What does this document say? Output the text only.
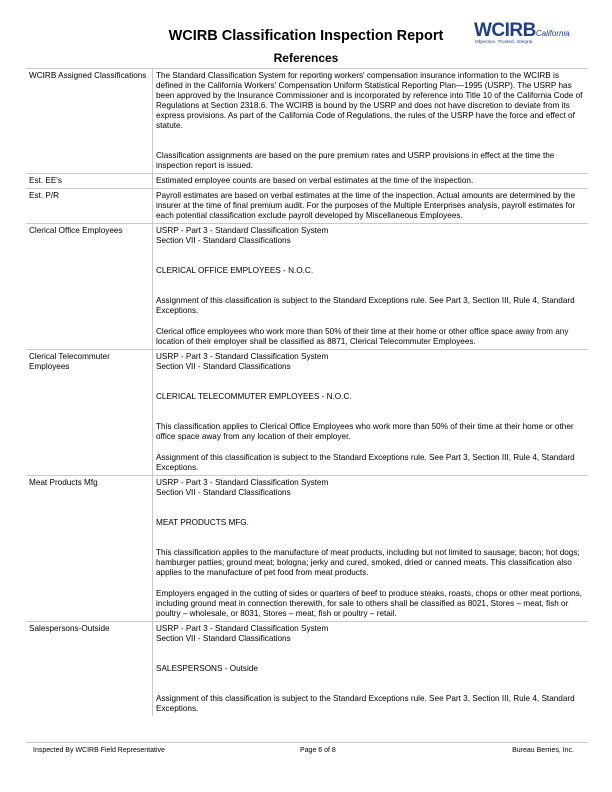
WCIRB Classification Inspection Report
References
WCIRBCalifornia
Objective. Trusted. Integral.
WCIRB Assigned Classifications	The Standard Classification System for reporting workers' compensation insurance information to the WCIRB is defined in the California Workers' Compensation Uniform Statistical Reporting Plan—1995 (USRP). The USRP has been approved by the Insurance Commissioner and is incorporated by reference into Title 10 of the California Code of Regulations at Section 2318.6. The WCIRB is bound by the USRP and does not have discretion to deviate from its express provisions. As part of the California Code of Regulations, the rules of the USRP have the force and effect of statute.

Classification assignments are based on the pure premium rates and USRP provisions in effect at the time the inspection report is issued.

Est. EE's	Estimated employee counts are based on verbal estimates at the time of the inspection.

Est. P/R	Payroll estimates are based on verbal estimates at the time of the inspection. Actual amounts are determined by the insurer at the time of final premium audit. For the purposes of the Multiple Enterprises analysis, payroll estimates for each potential classification exclude payroll developed by Miscellaneous Employees.

Clerical Office Employees	USRP - Part 3 - Standard Classification System

Section VII - Standard Classifications

CLERICAL OFFICE EMPLOYEES - N.O.C.

Assignment of this classification is subject to the Standard Exceptions rule. See Part 3, Section III, Rule 4, Standard Exceptions.

Clerical office employees who work more than 50% of their time at their home or other office space away from any location of their employer shall be classified as 8871, Clerical Telecommuter Employees.

Clerical Telecommuter Employees	USRP - Part 3 - Standard Classification System

Section VII - Standard Classifications

CLERICAL TELECOMMUTER EMPLOYEES - N.O.C.

This classification applies to Clerical Office Employees who work more than 50% of their time at their home or other office space away from any location of their employer.

Assignment of this classification is subject to the Standard Exceptions rule. See Part 3, Section III, Rule 4, Standard Exceptions.

Meat Products Mfg	USRP - Part 3 - Standard Classification System

Section VII - Standard Classifications

MEAT PRODUCTS MFG.

This classification applies to the manufacture of meat products, including but not limited to sausage; bacon; hot dogs; hamburger patties; ground meat; bologna; jerky and cured, smoked, dried or canned meats. This classification also applies to the manufacture of pet food from meat products.

Employers engaged in the cutting of sides or quarters of beef to produce steaks, roasts, chops or other meat portions, including ground meat in connection therewith, for sale to others shall be classified as 8021, Stores – meat, fish or poultry – wholesale, or 8031, Stores – meat, fish or poultry – retail.

Salespersons-Outside	USRP - Part 3 - Standard Classification System

Section VII - Standard Classifications

SALESPERSONS - Outside

Assignment of this classification is subject to the Standard Exceptions rule. See Part 3, Section III, Rule 4, Standard Exceptions.

Inspected By WCIRB Field Representative	Page 6 of 8	Bureau Berries, Inc.
